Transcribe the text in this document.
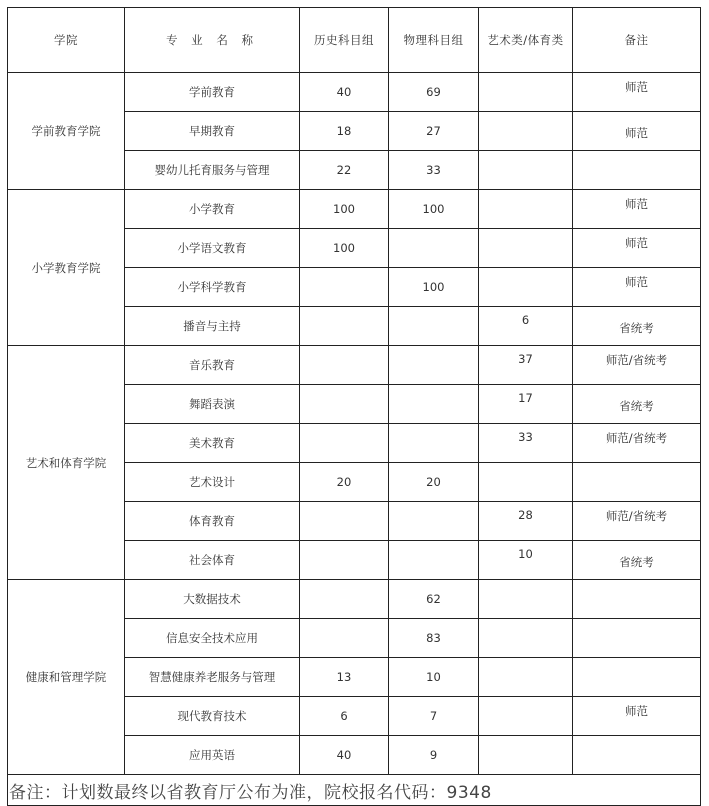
学院	专 业 名 称	历史科目组	物理科目组	艺术类/体育类	备注
学前教育学院	学前教育	40	69		师范
	早期教育	18	27		师范
	婴幼儿托育服务与管理	22	33		
小学教育学院	小学教育	100	100		师范
	小学语文教育	100			师范
	小学科学教育		100		师范
	播音与主持			6	省统考
艺术和体育学院	音乐教育			37	师范/省统考
	舞蹈表演			17	省统考
	美术教育			33	师范/省统考
	艺术设计	20	20		
	体育教育			28	师范/省统考
	社会体育			10	省统考
健康和管理学院	大数据技术		62		
	信息安全技术应用		83		
	智慧健康养老服务与管理	13	10		
	现代教育技术	6	7		师范
	应用英语	40	9		
备注：计划数最终以省教育厅公布为准，院校报名代码：9348					
